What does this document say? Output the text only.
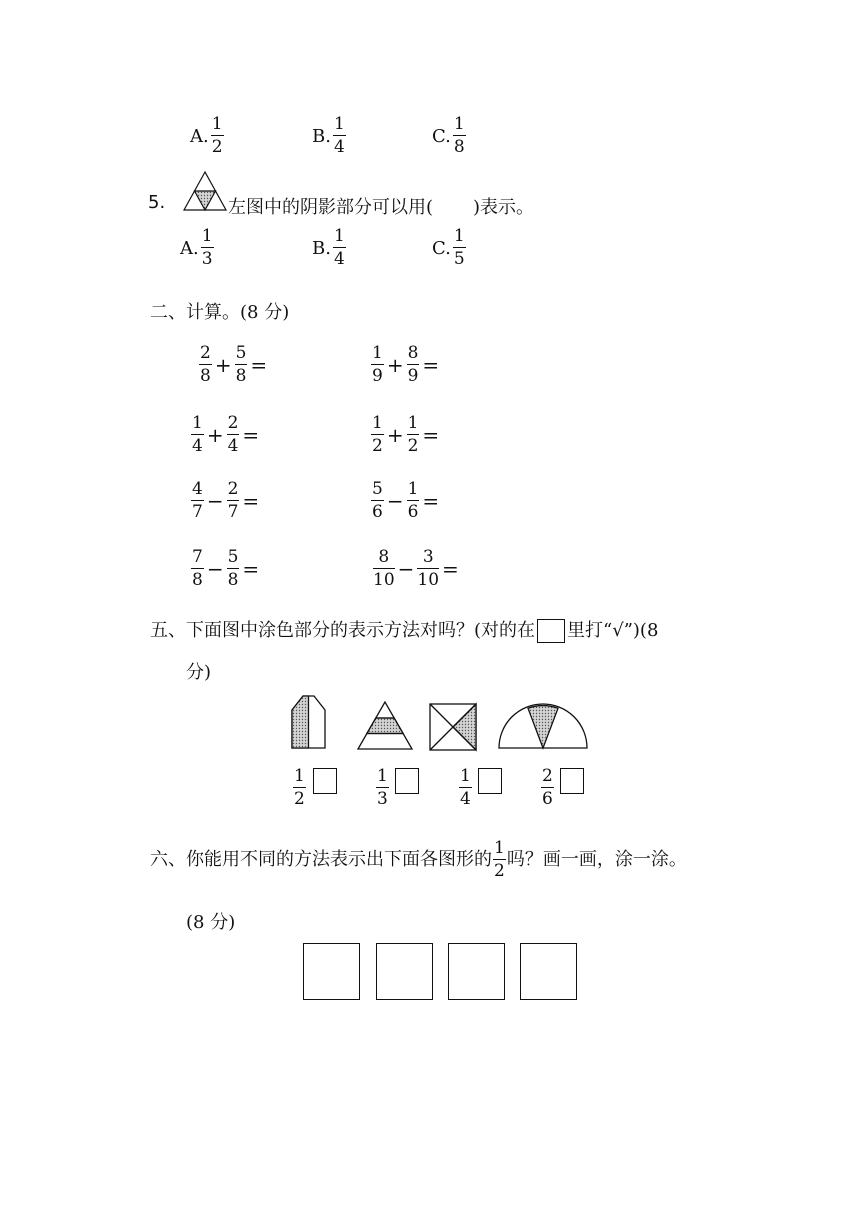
A. $\frac{1}{2}$	B. $\frac{1}{4}$	C. $\frac{1}{8}$
5.	左图中的阴影部分可以用( )表示。
A. $\frac{1}{3}$	B. $\frac{1}{4}$	C. $\frac{1}{5}$
二、计算。(8 分)
$\frac{2}{8} + \frac{5}{8}$ =	$\frac{1}{9} + \frac{8}{9}$ =
$\frac{1}{4} + \frac{2}{4}$ =	$\frac{1}{2} + \frac{1}{2}$ =
$\frac{4}{7} - \frac{2}{7}$ =	$\frac{5}{6} - \frac{1}{6}$ =
$\frac{7}{8} - \frac{5}{8}$ =	$\frac{8}{10} - \frac{3}{10}$ =
五、下面图中涂色部分的表示方法对吗？(对的在 里打“√”)(8
分)
$\frac{1}{2}$	$\frac{1}{3}$	$\frac{1}{4}$	$\frac{2}{6}$
六、你能用不同的方法表示出下面各图形的 $\frac{1}{2}$ 吗？画一画，涂一涂。
(8 分)
